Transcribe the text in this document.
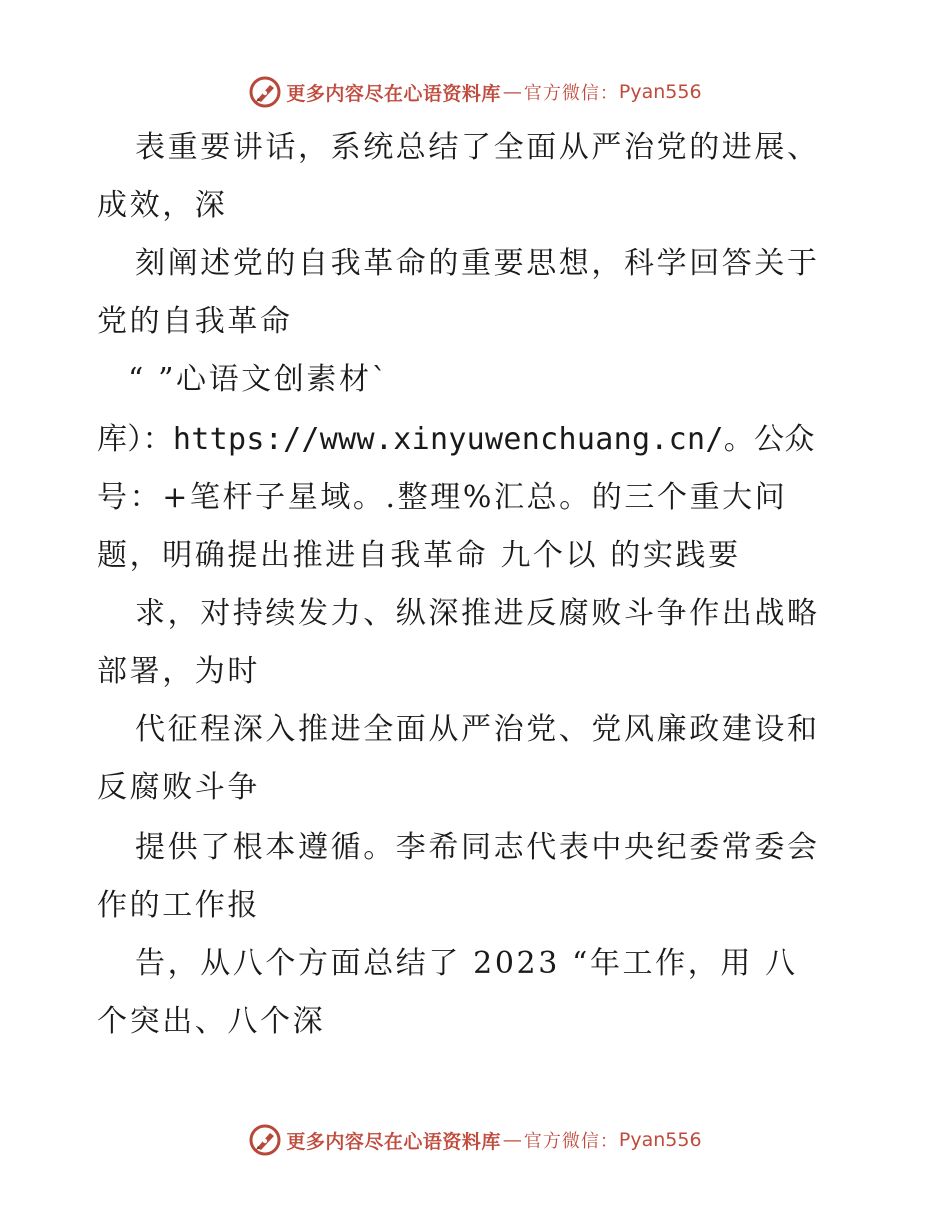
更多内容尽在心语资料库 — 官方微信： Pyan556
表重要讲话，系统总结了全面从严治党的进展、
成效，深
刻阐述党的自我革命的重要思想，科学回答关于
党的自我革命
“ ”心语文创素材`
库）：https://www.xinyuwenchuang.cn/。公众
号：+笔杆子星域。.整理%汇总。的三个重大问
题，明确提出推进自我革命 九个以 的实践要
求，对持续发力、纵深推进反腐败斗争作出战略
部署，为时
代征程深入推进全面从严治党、党风廉政建设和
反腐败斗争
提供了根本遵循。李希同志代表中央纪委常委会
作的工作报
告，从八个方面总结了 2023 “年工作，用 八
个突出、八个深
更多内容尽在心语资料库 — 官方微信： Pyan556
